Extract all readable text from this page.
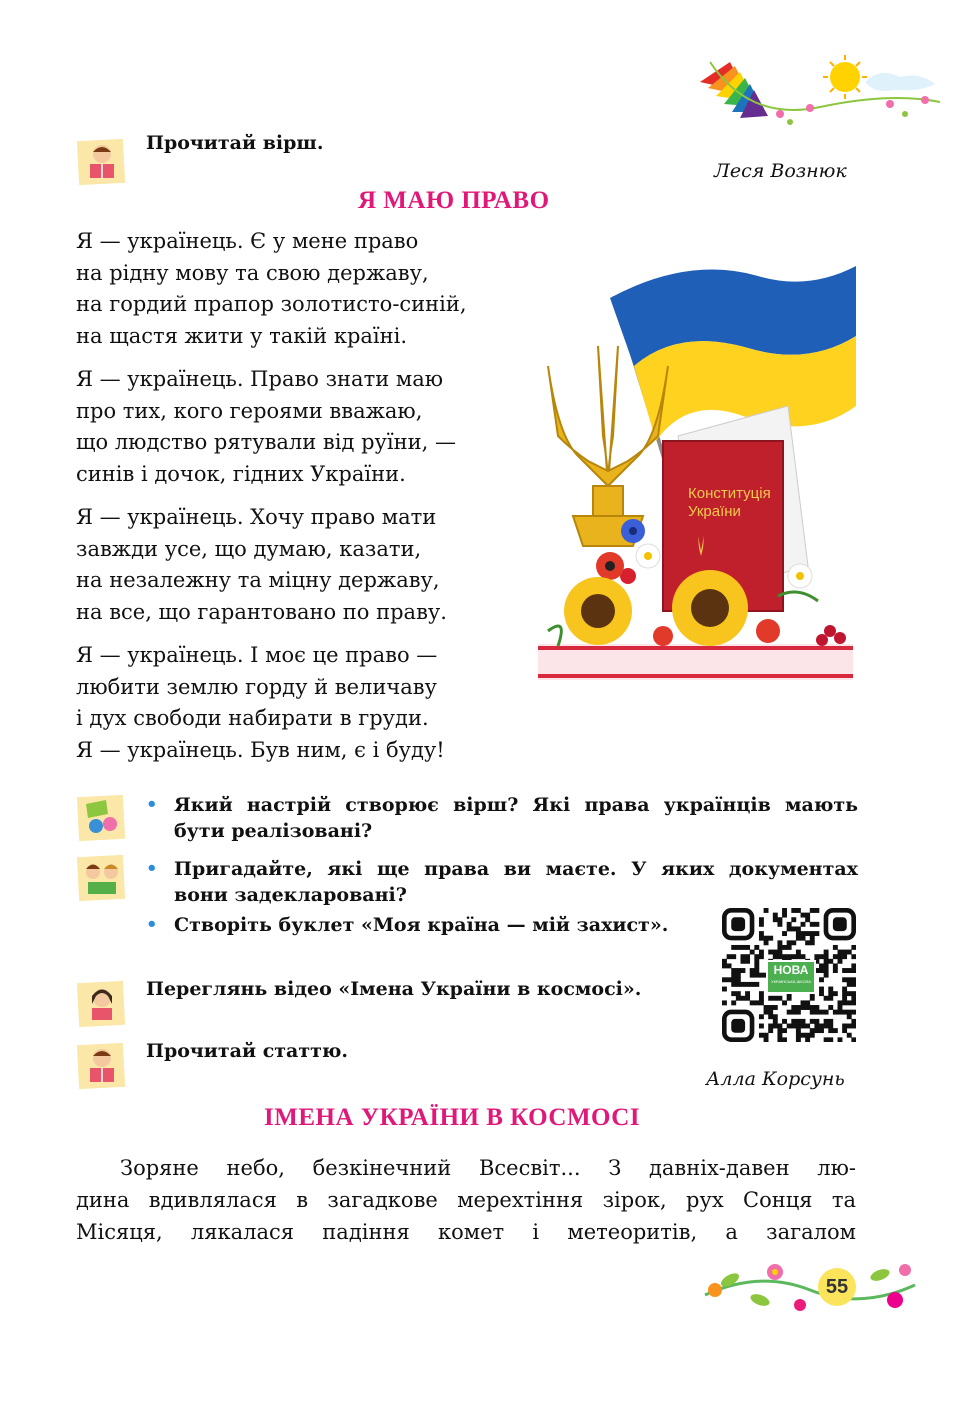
Прочитай вірш.
Леся Вознюк
Я МАЮ ПРАВО
Я — українець. Є у мене право
на рідну мову та свою державу,
на гордий прапор золотисто-синій,
на щастя жити у такій країні.
Я — українець. Право знати маю
про тих, кого героями вважаю,
що людство рятували від руїни, —
синів і дочок, гідних України.
Я — українець. Хочу право мати
завжди усе, що думаю, казати,
на незалежну та міцну державу,
на все, що гарантовано по праву.
Я — українець. І моє це право —
любити землю горду й величаву
і дух свободи набирати в груди.
Я — українець. Був ним, є і буду!
Конституція
України
• Який настрій створює вірш? Які права українців мають
бути реалізовані?
• Пригадайте, які ще права ви маєте. У яких документах
вони задекларовані?
• Створіть буклет «Моя країна — мій захист».
НОВА
УКРАЇНСЬКА ШКОЛА
Переглянь відео «Імена України в космосі».
Прочитай статтю.
Алла Корсунь
ІМЕНА УКРАЇНИ В КОСМОСІ
Зоряне небо, безкінечний Всесвіт... З давніх-давен лю-
дина вдивлялася в загадкове мерехтіння зірок, рух Сонця та
Місяця, лякалася падіння комет і метеоритів, а загалом
55
